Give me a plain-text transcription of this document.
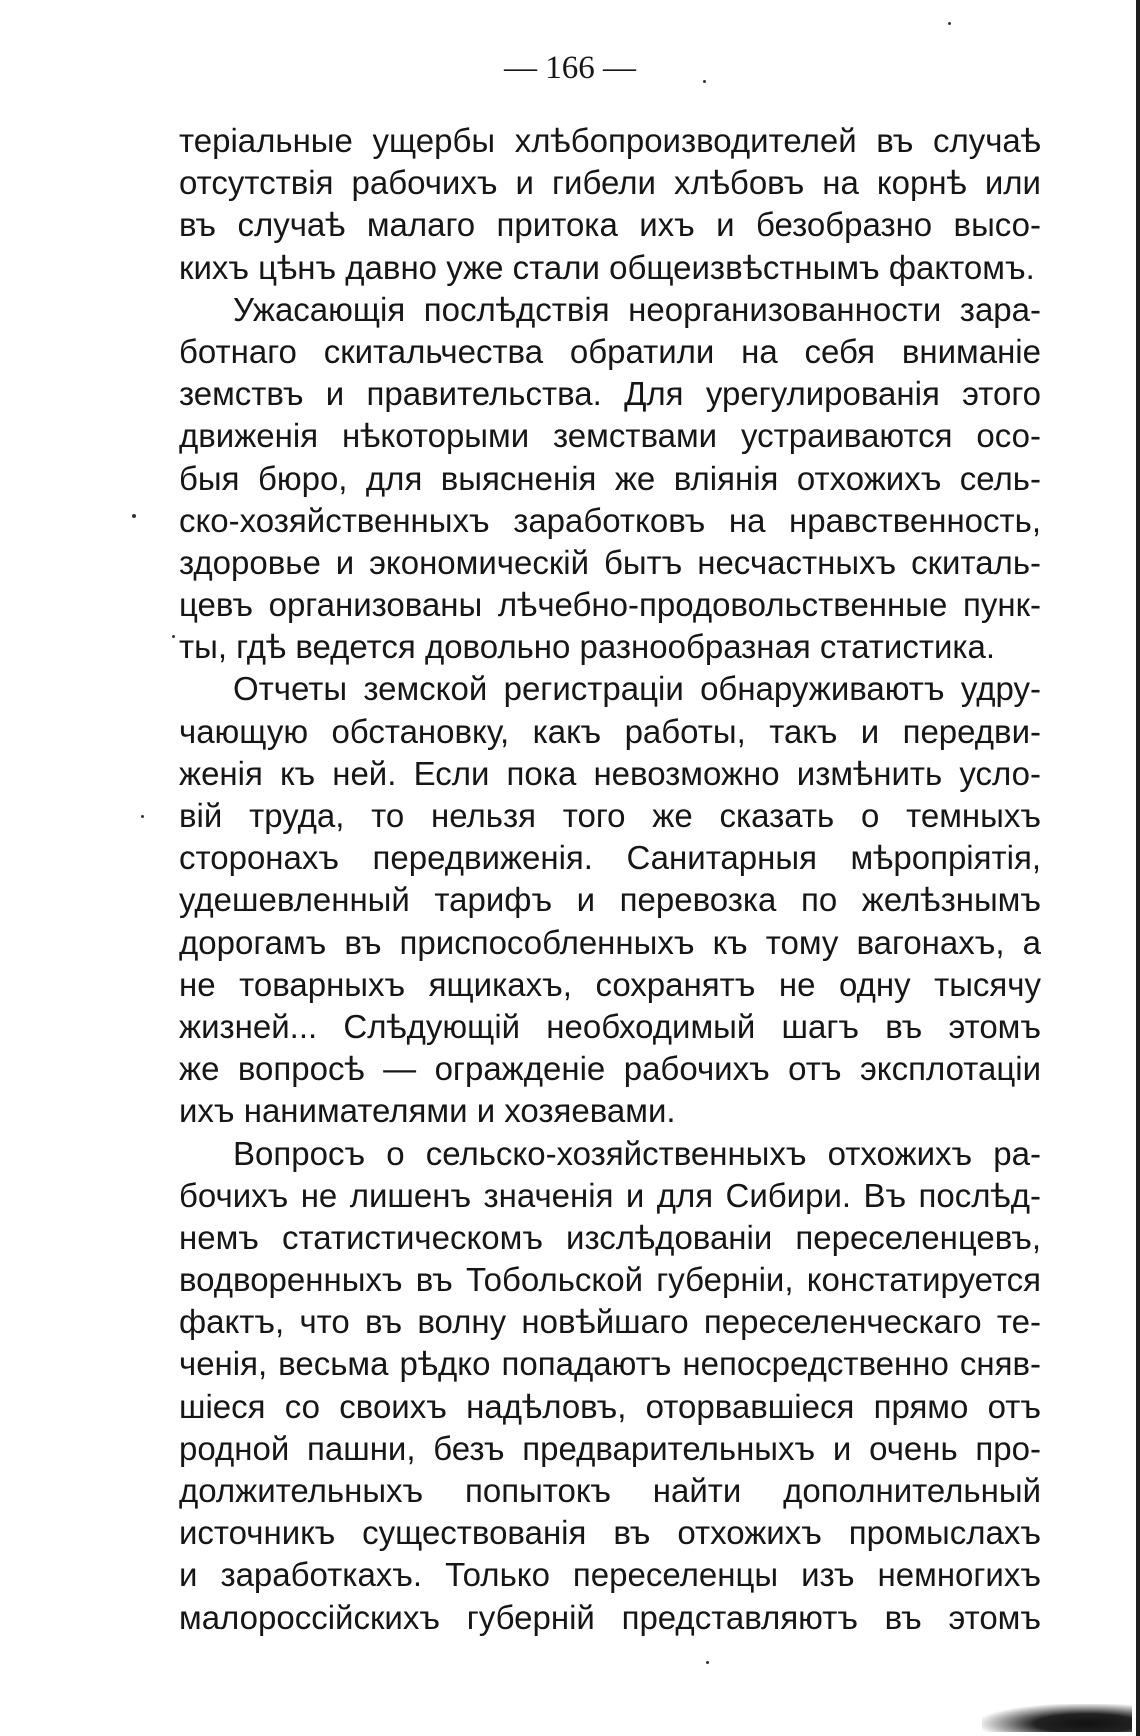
— 166 —
теріальные ущербы хлѣбопроизводителей въ случаѣ
отсутствія рабочихъ и гибели хлѣбовъ на корнѣ или
въ случаѣ малаго притока ихъ и безобразно высо-
кихъ цѣнъ давно уже стали общеизвѣстнымъ фактомъ.
Ужасающія послѣдствія неорганизованности зара-
ботнаго скитальчества обратили на себя вниманіе
земствъ и правительства. Для урегулированія этого
движенія нѣкоторыми земствами устраиваются осо-
быя бюро, для выясненія же вліянія отхожихъ сель-
ско-хозяйственныхъ заработковъ на нравственность,
здоровье и экономическій бытъ несчастныхъ скиталь-
цевъ организованы лѣчебно-продовольственные пунк-
ты, гдѣ ведется довольно разнообразная статистика.
Отчеты земской регистраціи обнаруживаютъ удру-
чающую обстановку, какъ работы, такъ и передви-
женія къ ней. Если пока невозможно измѣнить усло-
вій труда, то нельзя того же сказать о темныхъ
сторонахъ передвиженія. Санитарныя мѣропріятія,
удешевленный тарифъ и перевозка по желѣзнымъ
дорогамъ въ приспособленныхъ къ тому вагонахъ, а
не товарныхъ ящикахъ, сохранятъ не одну тысячу
жизней... Слѣдующій необходимый шагъ въ этомъ
же вопросѣ — огражденіе рабочихъ отъ эксплотаціи
ихъ нанимателями и хозяевами.
Вопросъ о сельско-хозяйственныхъ отхожихъ ра-
бочихъ не лишенъ значенія и для Сибири. Въ послѣд-
немъ статистическомъ изслѣдованіи переселенцевъ,
водворенныхъ въ Тобольской губерніи, констатируется
фактъ, что въ волну новѣйшаго переселенческаго те-
ченія, весьма рѣдко попадаютъ непосредственно сняв-
шіеся со своихъ надѣловъ, оторвавшіеся прямо отъ
родной пашни, безъ предварительныхъ и очень про-
должительныхъ попытокъ найти дополнительный
источникъ существованія въ отхожихъ промыслахъ
и заработкахъ. Только переселенцы изъ немногихъ
малороссійскихъ губерній представляютъ въ этомъ
